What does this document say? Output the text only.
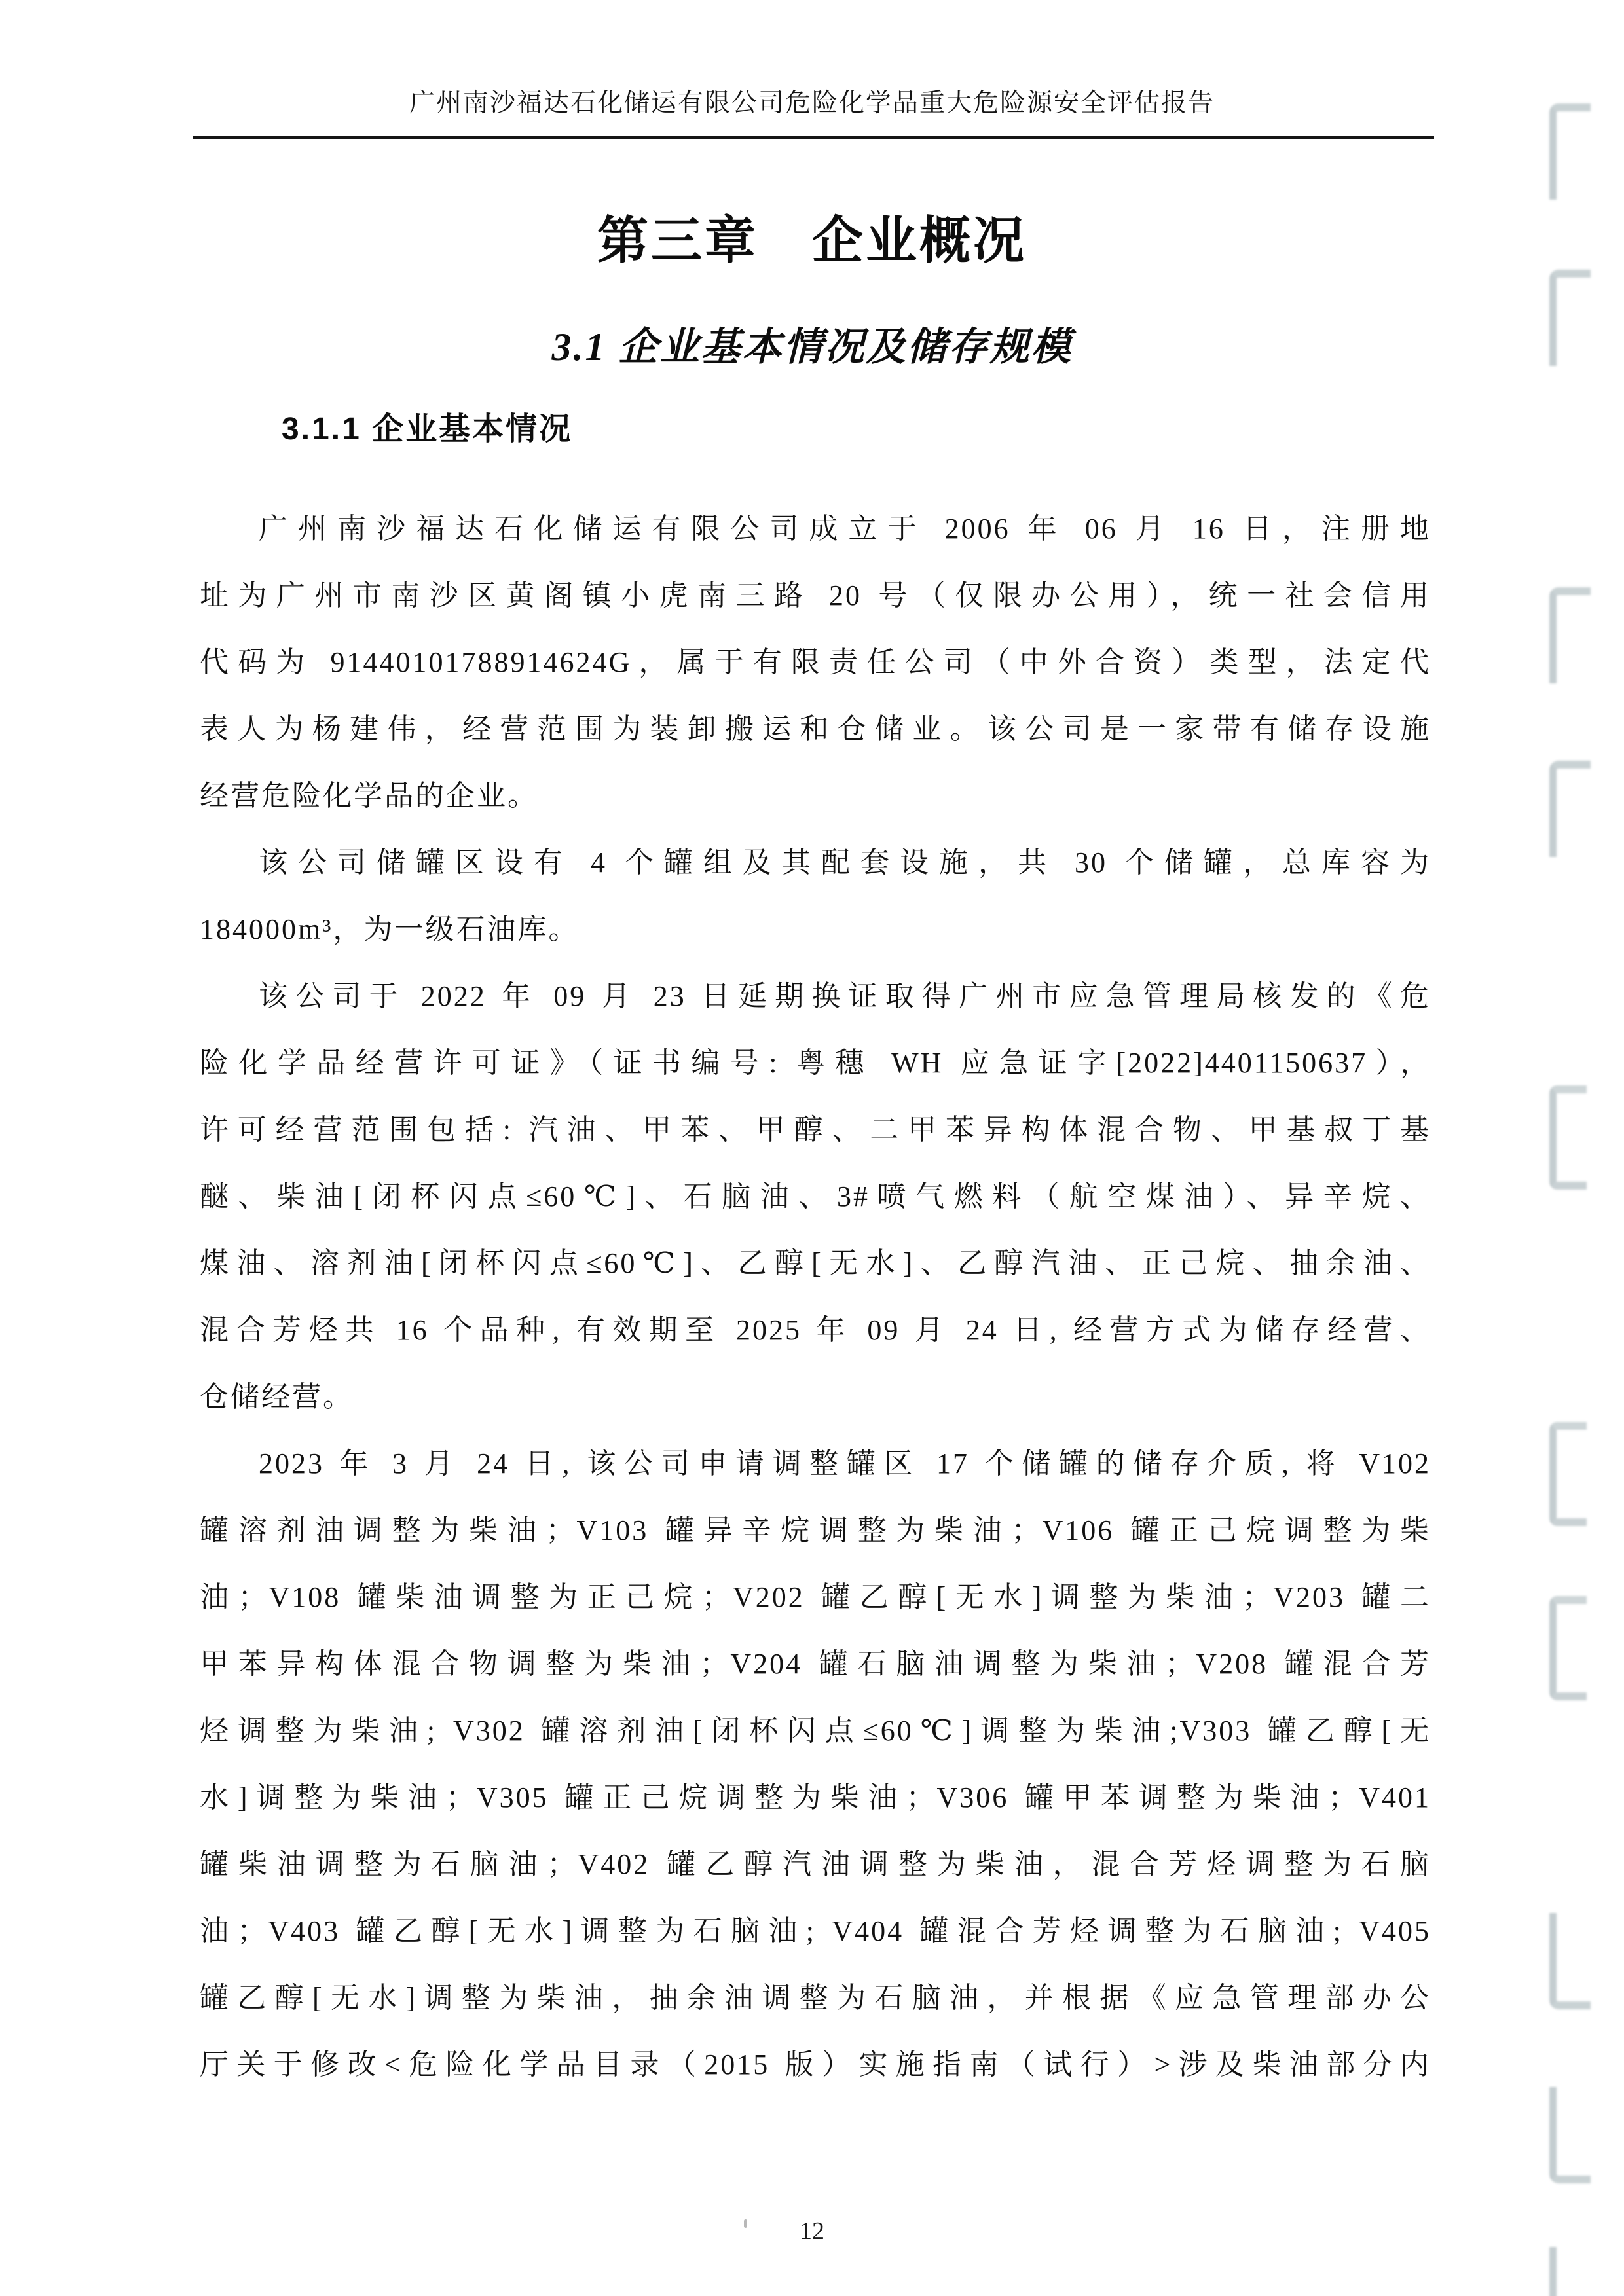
广州南沙福达石化储运有限公司危险化学品重大危险源安全评估报告
第三章　企业概况
3.1 企业基本情况及储存规模
3.1.1 企业基本情况
广州南沙福达石化储运有限公司成立于 2006 年 06 月 16 日，注册地
址为广州市南沙区黄阁镇小虎南三路 20 号（仅限办公用），统一社会信用
代码为 91440101788914624G，属于有限责任公司（中外合资）类型，法定代
表人为杨建伟，经营范围为装卸搬运和仓储业。该公司是一家带有储存设施
经营危险化学品的企业。
该公司储罐区设有 4 个罐组及其配套设施，共 30 个储罐，总库容为
184000m³，为一级石油库。
该公司于 2022 年 09 月 23 日延期换证取得广州市应急管理局核发的《危
险化学品经营许可证》（证书编号: 粤穗 WH 应急证字[2022]4401150637），
许可经营范围包括: 汽油、甲苯、甲醇、二甲苯异构体混合物、甲基叔丁基
醚、柴油[闭杯闪点≤60℃]、石脑油、3#喷气燃料（航空煤油）、异辛烷、
煤油、溶剂油[闭杯闪点≤60℃]、乙醇[无水]、乙醇汽油、正己烷、抽余油、
混合芳烃共 16 个品种, 有效期至 2025 年 09 月 24 日, 经营方式为储存经营、
仓储经营。
2023 年 3 月 24 日, 该公司申请调整罐区 17 个储罐的储存介质, 将 V102
罐溶剂油调整为柴油；V103 罐异辛烷调整为柴油；V106 罐正己烷调整为柴
油；V108 罐柴油调整为正己烷；V202 罐乙醇[无水]调整为柴油；V203 罐二
甲苯异构体混合物调整为柴油；V204 罐石脑油调整为柴油；V208 罐混合芳
烃调整为柴油; V302 罐溶剂油[闭杯闪点≤60℃]调整为柴油;V303 罐乙醇[无
水]调整为柴油；V305 罐正己烷调整为柴油；V306 罐甲苯调整为柴油；V401
罐柴油调整为石脑油；V402 罐乙醇汽油调整为柴油，混合芳烃调整为石脑
油；V403 罐乙醇[无水]调整为石脑油; V404 罐混合芳烃调整为石脑油; V405
罐乙醇[无水]调整为柴油，抽余油调整为石脑油，并根据《应急管理部办公
厅关于修改<危险化学品目录（2015 版）实施指南（试行）>涉及柴油部分内
12
